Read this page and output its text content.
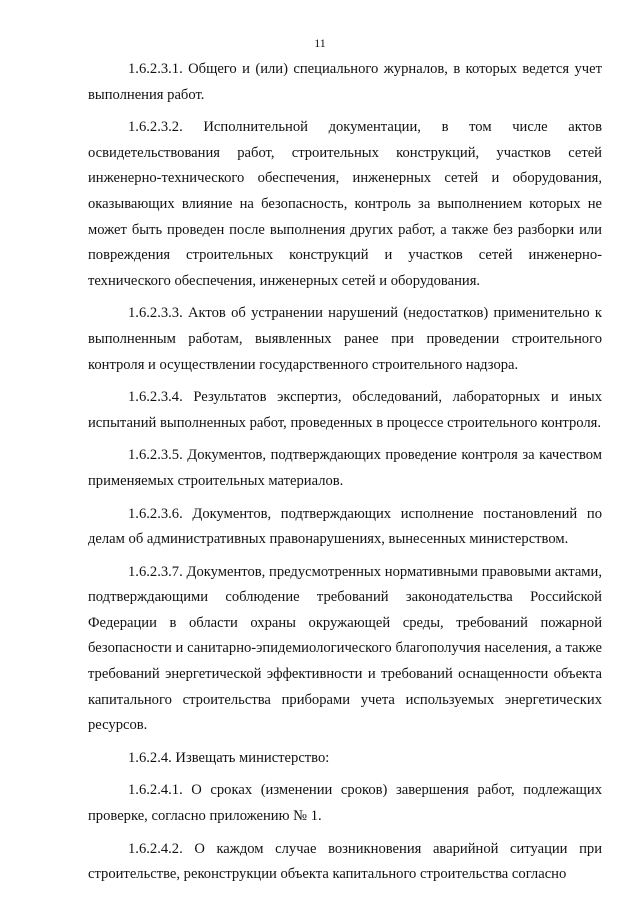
11

1.6.2.3.1. Общего и (или) специального журналов, в которых ведется учет выполнения работ.

1.6.2.3.2. Исполнительной документации, в том числе актов освидетельствования работ, строительных конструкций, участков сетей инженерно-технического обеспечения, инженерных сетей и оборудования, оказывающих влияние на безопасность, контроль за выполнением которых не может быть проведен после выполнения других работ, а также без разборки или повреждения строительных конструкций и участков сетей инженерно-технического обеспечения, инженерных сетей и оборудования.

1.6.2.3.3. Актов об устранении нарушений (недостатков) применительно к выполненным работам, выявленных ранее при проведении строительного контроля и осуществлении государственного строительного надзора.

1.6.2.3.4. Результатов экспертиз, обследований, лабораторных и иных испытаний выполненных работ, проведенных в процессе строительного контроля.

1.6.2.3.5. Документов, подтверждающих проведение контроля за качеством применяемых строительных материалов.

1.6.2.3.6. Документов, подтверждающих исполнение постановлений по делам об административных правонарушениях, вынесенных министерством.

1.6.2.3.7. Документов, предусмотренных нормативными правовыми актами, подтверждающими соблюдение требований законодательства Российской Федерации в области охраны окружающей среды, требований пожарной безопасности и санитарно-эпидемиологического благополучия населения, а также требований энергетической эффективности и требований оснащенности объекта капитального строительства приборами учета используемых энергетических ресурсов.

1.6.2.4. Извещать министерство:

1.6.2.4.1. О сроках (изменении сроков) завершения работ, подлежащих проверке, согласно приложению № 1.

1.6.2.4.2. О каждом случае возникновения аварийной ситуации при строительстве, реконструкции объекта капитального строительства согласно
